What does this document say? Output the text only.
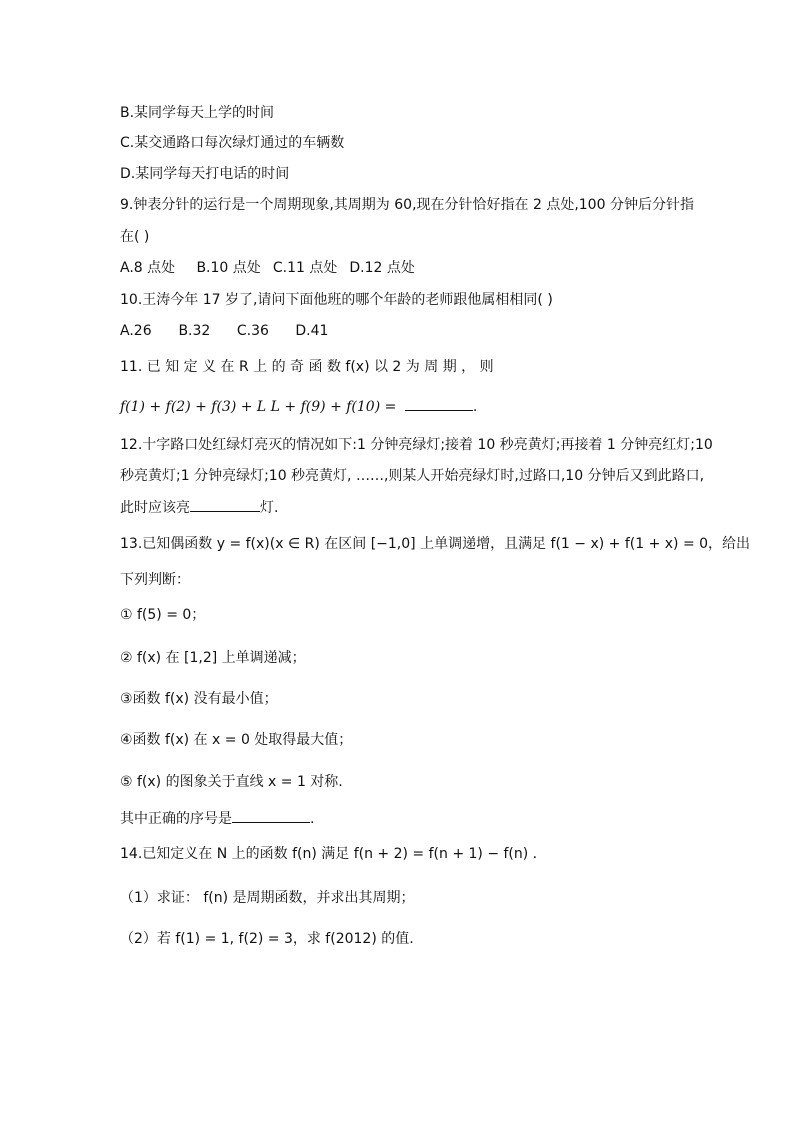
B.某同学每天上学的时间
C.某交通路口每次绿灯通过的车辆数
D.某同学每天打电话的时间
9.钟表分针的运行是一个周期现象,其周期为 60,现在分针恰好指在 2 点处,100 分钟后分针指
在( )
A.8 点处 B.10 点处 C.11 点处 D.12 点处
10.王涛今年 17 岁了,请问下面他班的哪个年龄的老师跟他属相相同( )
A.26 B.32 C.36 D.41
11. 已 知 定 义 在 R 上 的 奇 函 数 f(x) 以 2 为 周 期 ， 则
f(1) + f(2) + f(3) + L L + f(9) + f(10) =	.
12.十字路口处红绿灯亮灭的情况如下:1 分钟亮绿灯;接着 10 秒亮黄灯;再接着 1 分钟亮红灯;10
秒亮黄灯;1 分钟亮绿灯;10 秒亮黄灯, ……,则某人开始亮绿灯时,过路口,10 分钟后又到此路口,
此时应该亮	灯.
13.已知偶函数 y = f(x)(x ∈ R) 在区间 [−1,0] 上单调递增，且满足 f(1 − x) + f(1 + x) = 0，给出
下列判断：
① f(5) = 0；
② f(x) 在 [1,2] 上单调递减；
③函数 f(x) 没有最小值；
④函数 f(x) 在 x = 0 处取得最大值；
⑤ f(x) 的图象关于直线 x = 1 对称.
其中正确的序号是	.
14.已知定义在 N 上的函数 f(n) 满足 f(n + 2) = f(n + 1) − f(n) .
（1）求证： f(n) 是周期函数，并求出其周期；
（2）若 f(1) = 1, f(2) = 3，求 f(2012) 的值.
